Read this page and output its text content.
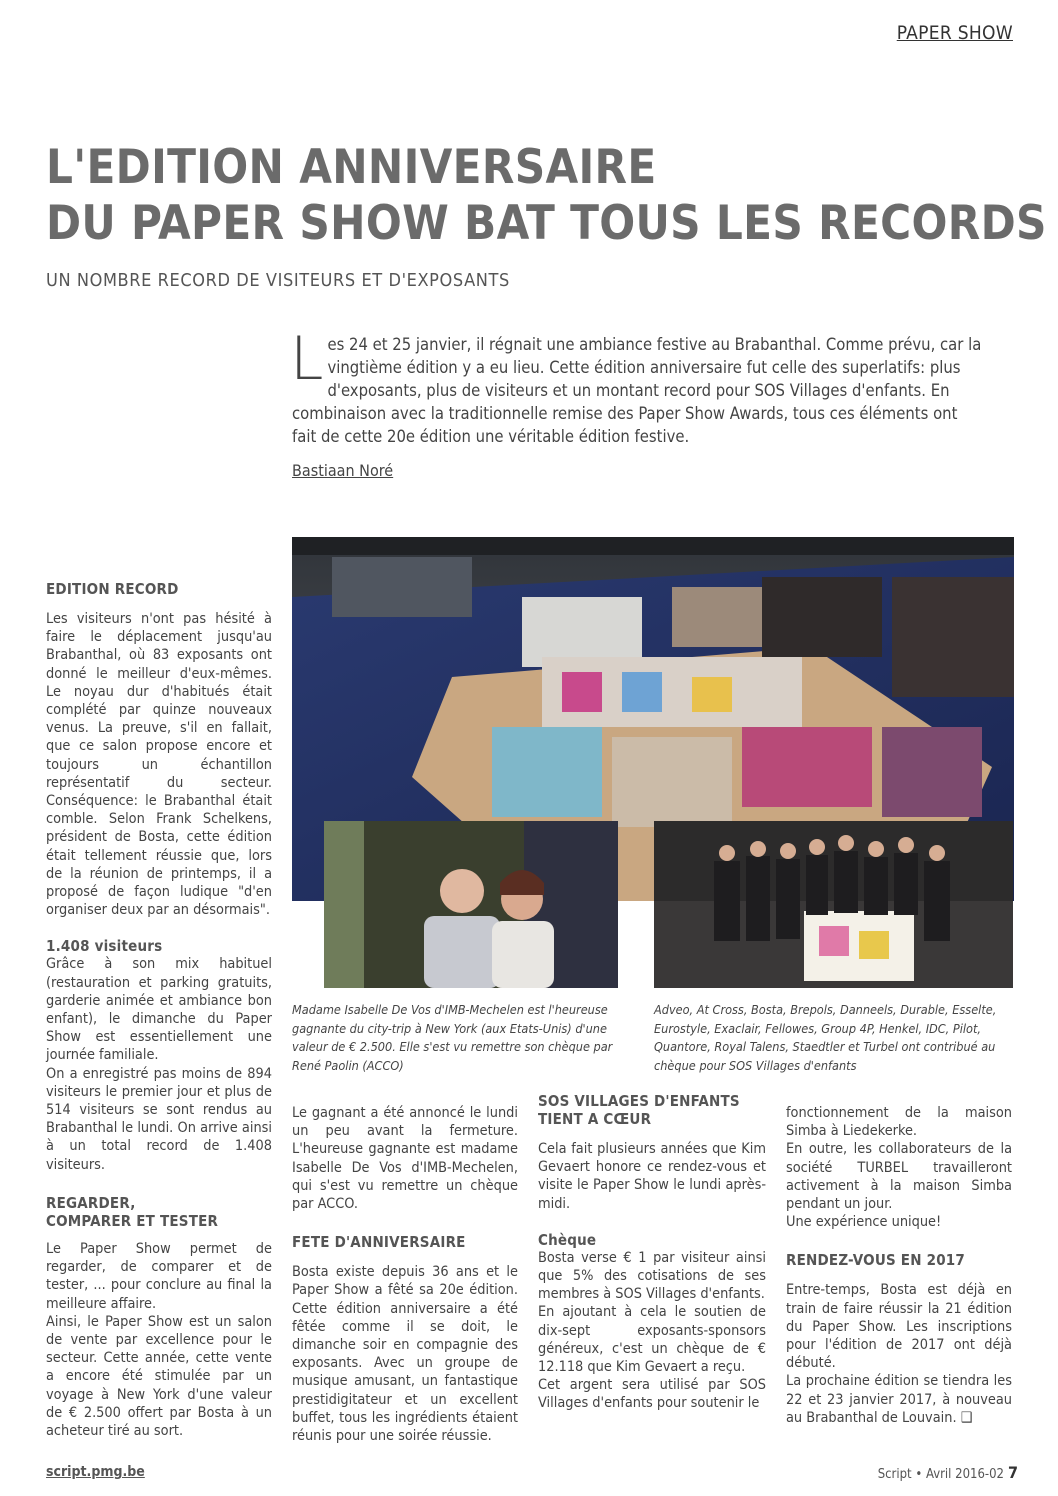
PAPER SHOW
L'EDITION ANNIVERSAIRE
DU PAPER SHOW BAT TOUS LES RECORDS
UN NOMBRE RECORD DE VISITEURS ET D'EXPOSANTS

Les 24 et 25 janvier, il régnait une ambiance festive au Brabanthal. Comme prévu, car la vingtième édition y a eu lieu. Cette édition anniversaire fut celle des superlatifs: plus d'exposants, plus de visiteurs et un montant record pour SOS Villages d'enfants. En combinaison avec la traditionnelle remise des Paper Show Awards, tous ces éléments ont fait de cette 20e édition une véritable édition festive.

Bastiaan Noré
EDITION RECORD

Les visiteurs n'ont pas hésité à faire le déplacement jusqu'au Brabanthal, où 83 exposants ont donné le meilleur d'eux-mêmes. Le noyau dur d'habitués était complété par quinze nouveaux venus. La preuve, s'il en fallait, que ce salon propose encore et toujours un échantillon représentatif du secteur. Conséquence: le Brabanthal était comble. Selon Frank Schelkens, président de Bosta, cette édition était tellement réussie que, lors de la réunion de printemps, il a proposé de façon ludique "d'en organiser deux par an désormais".

1.408 visiteurs

Grâce à son mix habituel (restauration et parking gratuits, garderie animée et ambiance bon enfant), le dimanche du Paper Show est essentiellement une journée familiale.

On a enregistré pas moins de 894 visiteurs le premier jour et plus de 514 visiteurs se sont rendus au Brabanthal le lundi. On arrive ainsi à un total record de 1.408 visiteurs.

REGARDER,
COMPARER ET TESTER

Le Paper Show permet de regarder, de comparer et de tester, ... pour conclure au final la meilleure affaire.

Ainsi, le Paper Show est un salon de vente par excellence pour le secteur. Cette année, cette vente a encore été stimulée par un voyage à New York d'une valeur de € 2.500 offert par Bosta à un acheteur tiré au sort.

Madame Isabelle De Vos d'IMB-Mechelen est l'heureuse gagnante du city-trip à New York (aux Etats-Unis) d'une valeur de € 2.500. Elle s'est vu remettre son chèque par René Paolin (ACCO)
Adveo, At Cross, Bosta, Brepols, Danneels, Durable, Esselte, Eurostyle, Exaclair, Fellowes, Group 4P, Henkel, IDC, Pilot, Quantore, Royal Talens, Staedtler et Turbel ont contribué au chèque pour SOS Villages d'enfants

Le gagnant a été annoncé le lundi un peu avant la fermeture. L'heureuse gagnante est madame Isabelle De Vos d'IMB-Mechelen, qui s'est vu remettre un chèque par ACCO.

FETE D'ANNIVERSAIRE

Bosta existe depuis 36 ans et le Paper Show a fêté sa 20e édition. Cette édition anniversaire a été fêtée comme il se doit, le dimanche soir en compagnie des exposants. Avec un groupe de musique amusant, un fantastique prestidigitateur et un excellent buffet, tous les ingrédients étaient réunis pour une soirée réussie.

SOS VILLAGES D'ENFANTS
TIENT A CŒUR

Cela fait plusieurs années que Kim Gevaert honore ce rendez-vous et visite le Paper Show le lundi après-midi.

Chèque

Bosta verse € 1 par visiteur ainsi que 5% des cotisations de ses membres à SOS Villages d'enfants.

En ajoutant à cela le soutien de dix-sept exposants-sponsors généreux, c'est un chèque de € 12.118 que Kim Gevaert a reçu.

Cet argent sera utilisé par SOS Villages d'enfants pour soutenir le

fonctionnement de la maison Simba à Liedekerke.

En outre, les collaborateurs de la société TURBEL travailleront activement à la maison Simba pendant un jour.

Une expérience unique!

RENDEZ-VOUS EN 2017

Entre-temps, Bosta est déjà en train de faire réussir la 21 édition du Paper Show. Les inscriptions pour l'édition de 2017 ont déjà débuté.

La prochaine édition se tiendra les 22 et 23 janvier 2017, à nouveau au Brabanthal de Louvain. ❑

script.pmg.be	Script • Avril 2016-02 7
